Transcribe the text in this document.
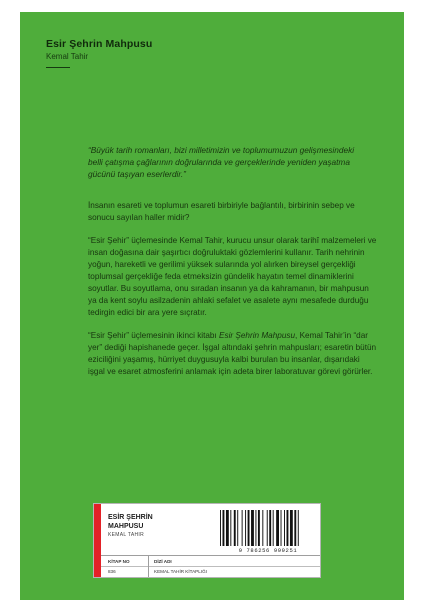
Esir Şehrin Mahpusu
Kemal Tahir
“Büyük tarih romanları, bizi milletimizin ve toplumumuzun gelişmesindeki belli çatışma çağlarının doğrularında ve gerçeklerinde yeniden yaşatma gücünü taşıyan eserlerdir.”

İnsanın esareti ve toplumun esareti birbiriyle bağlantılı, birbirinin sebep ve sonucu sayılan haller midir?

“Esir Şehir” üçlemesinde Kemal Tahir, kurucu unsur olarak tarihî malzemeleri ve insan doğasına dair şaşırtıcı doğruluktaki gözlemlerini kullanır. Tarih nehrinin yoğun, hareketli ve gerilimi yüksek sularında yol alırken bireysel gerçekliği toplumsal gerçekliğe feda etmeksizin gündelik hayatın temel dinamiklerini soyutlar. Bu soyutlama, onu sıradan insanın ya da kahramanın, bir mahpusun ya da kent soylu asilzadenin ahlaki sefalet ve asalete aynı mesafede durduğu tedirgin edici bir ara yere sıçratır.

“Esir Şehir” üçlemesinin ikinci kitabı Esir Şehrin Mahpusu, Kemal Tahir’in “dar yer” dediği hapishanede geçer. İşgal altındaki şehrin mahpusları; esaretin bütün eziciliğini yaşamış, hürriyet duygusuyla kalbi burulan bu insanlar, dışarıdaki işgal ve esaret atmosferini anlamak için adeta birer laboratuvar görevi görürler.

ESİR ŞEHRİN MAHPUSU
KEMAL TAHIR
9 786256 999251
KİTAP NO	DİZİ ADI
836	KEMAL TAHİR KİTAPLIĞI
